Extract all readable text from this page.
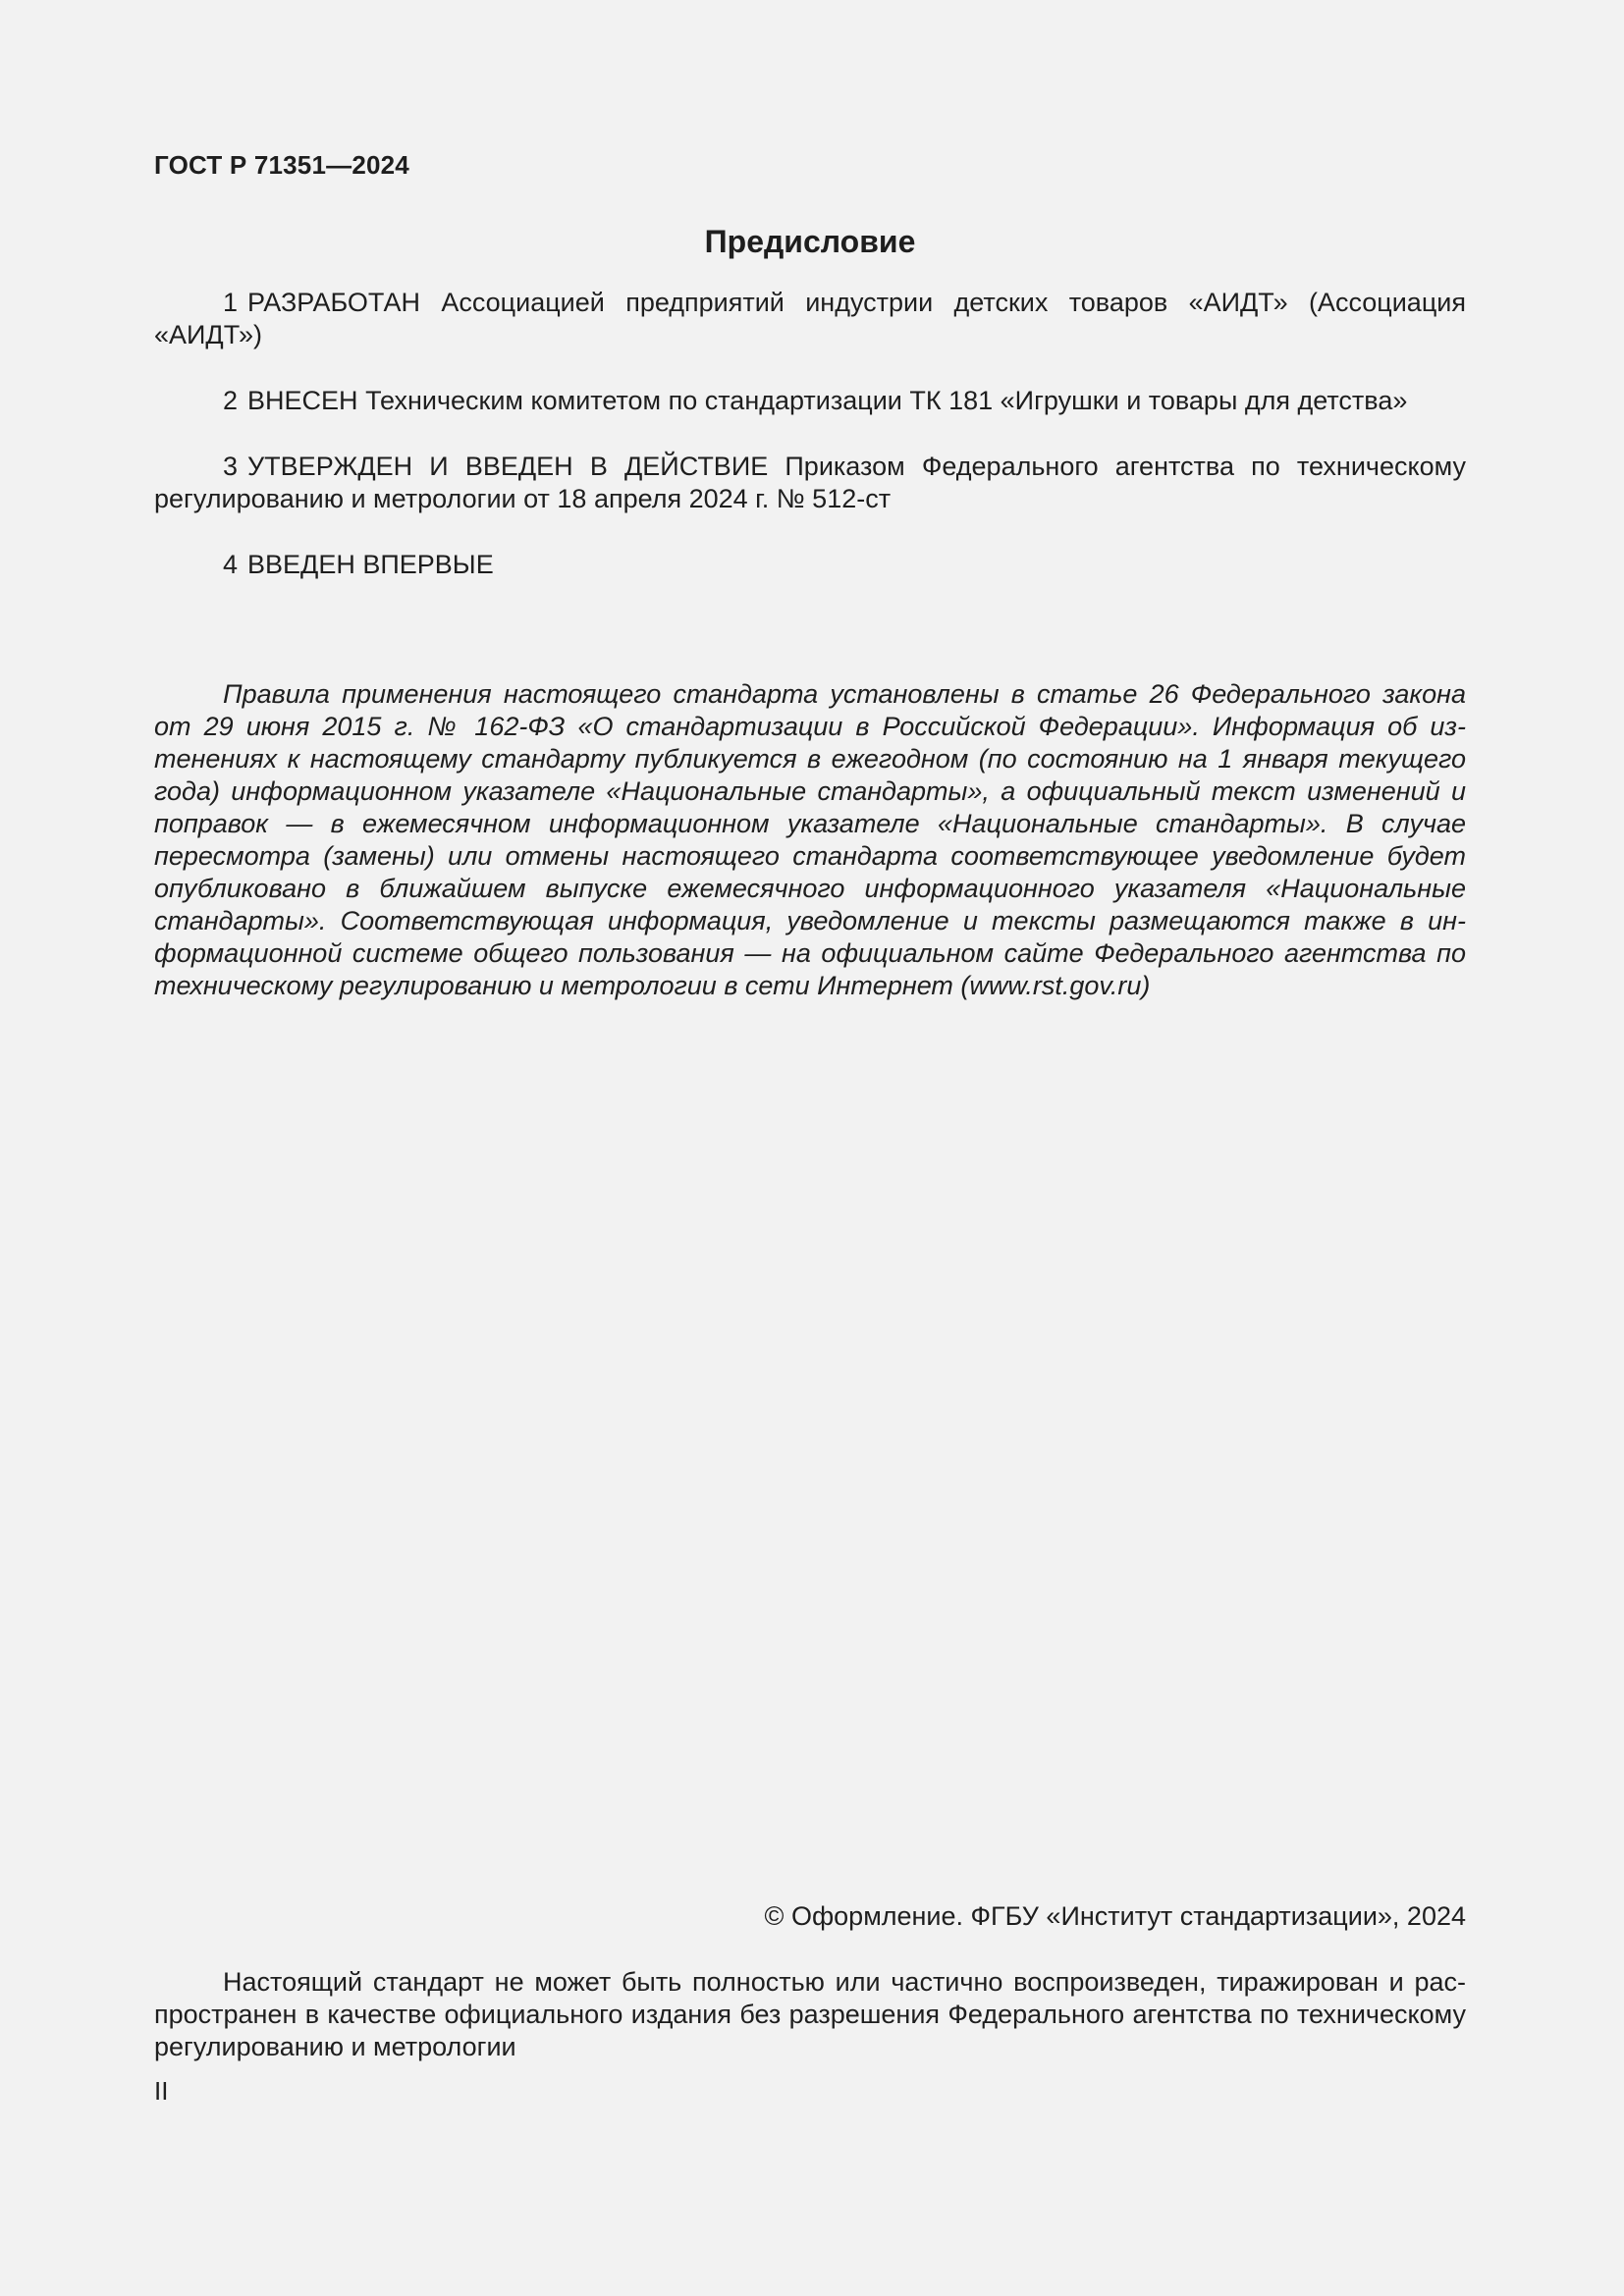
ГОСТ Р 71351—2024
Предисловие

1 РАЗРАБОТАН Ассоциацией предприятий индустрии детских товаров «АИДТ» (Ассоциация «АИДТ»)

2 ВНЕСЕН Техническим комитетом по стандартизации ТК 181 «Игрушки и товары для детства»

3 УТВЕРЖДЕН И ВВЕДЕН В ДЕЙСТВИЕ Приказом Федерального агентства по техническому регулированию и метрологии от 18 апреля 2024 г. № 512-ст

4 ВВЕДЕН ВПЕРВЫЕ

Правила применения настоящего стандарта установлены в статье 26 Федерального закона от 29 июня 2015 г. № 162-ФЗ «О стандартизации в Российской Федерации». Информация об изmенениях к настоящему стандарту публикуется в ежегодном (по состоянию на 1 января текущего года) информационном указателе «Национальные стандарты», а официальный текст изменений и поправок — в ежемесячном информационном указателе «Национальные стандарты». В случае пересмотра (замены) или отмены настоящего стандарта соответствующее уведомление будет опубликовано в ближайшем выпуске ежемесячного информационного указателя «Национальные стандарты». Соответствующая информация, уведомление и тексты размещаются также в информационной системе общего пользования — на официальном сайте Федерального агентства по техническому регулированию и метрологии в сети Интернет (www.rst.gov.ru)

© Оформление. ФГБУ «Институт стандартизации», 2024

Настоящий стандарт не может быть полностью или частично воспроизведен, тиражирован и распространен в качестве официального издания без разрешения Федерального агентства по техническому регулированию и метрологии

II
